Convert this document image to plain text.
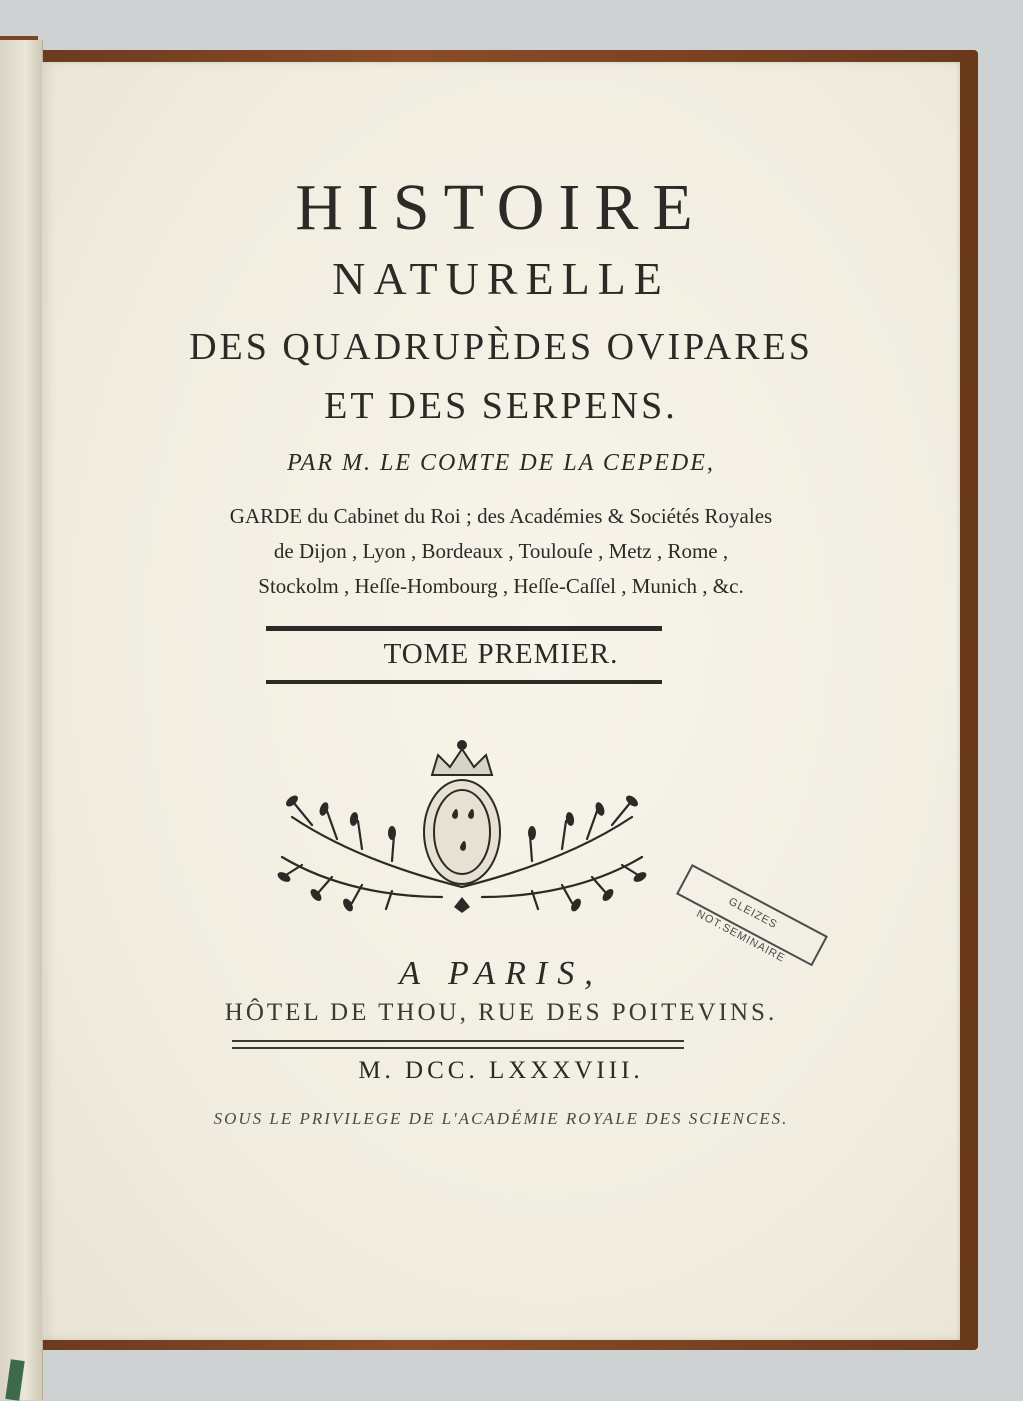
HISTOIRE
NATURELLE
DES QUADRUPÈDES OVIPARES
ET DES SERPENS.
PAR M. LE COMTE DE LA CEPEDE,
GARDE du Cabinet du Roi ; des Académies & Sociétés Royales
de Dijon , Lyon , Bordeaux , Toulouſe , Metz , Rome ,
Stockolm , Heſſe-Hombourg , Heſſe-Caſſel , Munich , &c.
TOME PREMIER.
GLEIZES NOT.SEMINAIRE
A PARIS,
HÔTEL DE THOU, RUE DES POITEVINS.
M. DCC. LXXXVIII.
SOUS LE PRIVILEGE DE L'ACADÉMIE ROYALE DES SCIENCES.
